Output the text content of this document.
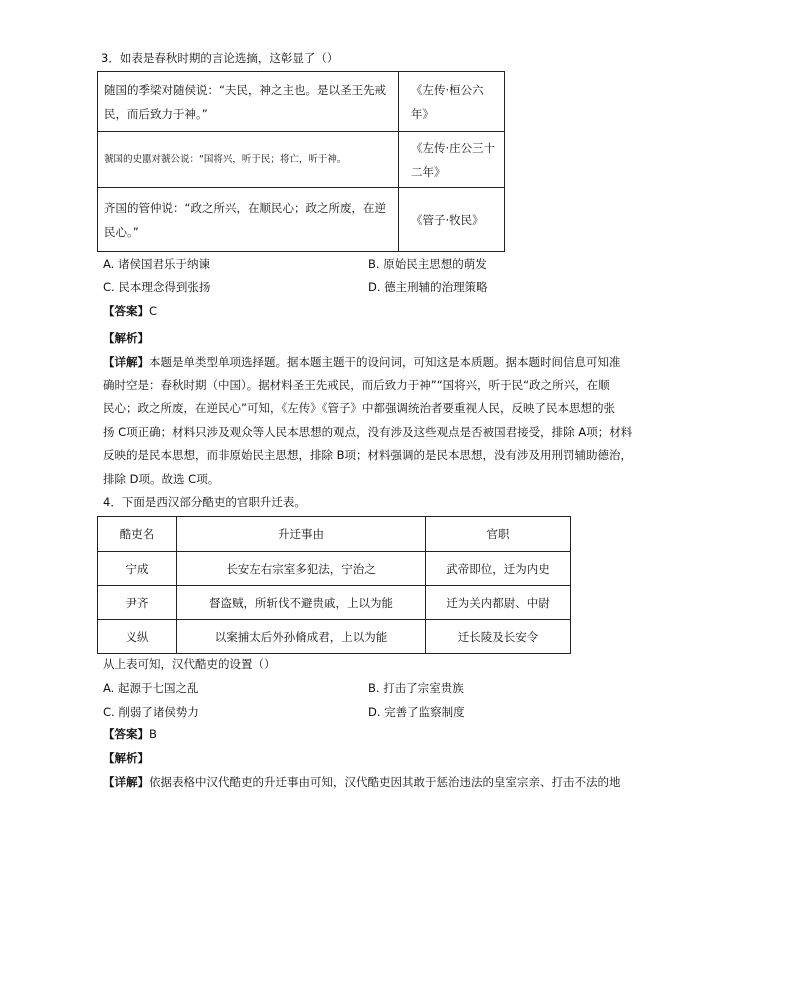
3．如表是春秋时期的言论选摘，这彰显了（）
随国的季梁对随侯说：“夫民，神之主也。是以圣王先戒民，而后致力于神。”	《左传·桓公六年》

虢国的史嚚对虢公说：“国将兴，听于民；将亡，听于神。	《左传·庄公三十二年》

齐国的管仲说：“政之所兴，在顺民心；政之所废，在逆民心。”	《管子·牧民》
A. 诸侯国君乐于纳谏	B. 原始民主思想的萌发
C. 民本理念得到张扬	D. 德主刑辅的治理策略
【答案】C
【解析】
【详解】本题是单类型单项选择题。据本题主题干的设问词，可知这是本质题。据本题时间信息可知准
确时空是：春秋时期（中国）。据材料圣王先戒民，而后致力于神”“国将兴，听于民“政之所兴，在顺
民心；政之所废，在逆民心”可知，《左传》《管子》中都强调统治者要重视人民，反映了民本思想的张
扬 C项正确；材料只涉及观众等人民本思想的观点，没有涉及这些观点是否被国君接受，排除 A项；材料
反映的是民本思想，而非原始民主思想，排除 B项；材料强调的是民本思想，没有涉及用刑罚辅助德治，
排除 D项。故选 C项。
4．下面是西汉部分酷吏的官职升迁表。
酷吏名	升迁事由	官职

宁成	长安左右宗室多犯法，宁治之	武帝即位，迁为内史

尹齐	督盗贼，所斩伐不避贵戚，上以为能	迁为关内都尉、中尉

义纵	以案捕太后外孙脩成君，上以为能	迁长陵及长安令
从上表可知，汉代酷吏的设置（）
A. 起源于七国之乱	B. 打击了宗室贵族
C. 削弱了诸侯势力	D. 完善了监察制度
【答案】B
【解析】
【详解】依据表格中汉代酷吏的升迁事由可知，汉代酷吏因其敢于惩治违法的皇室宗亲、打击不法的地
